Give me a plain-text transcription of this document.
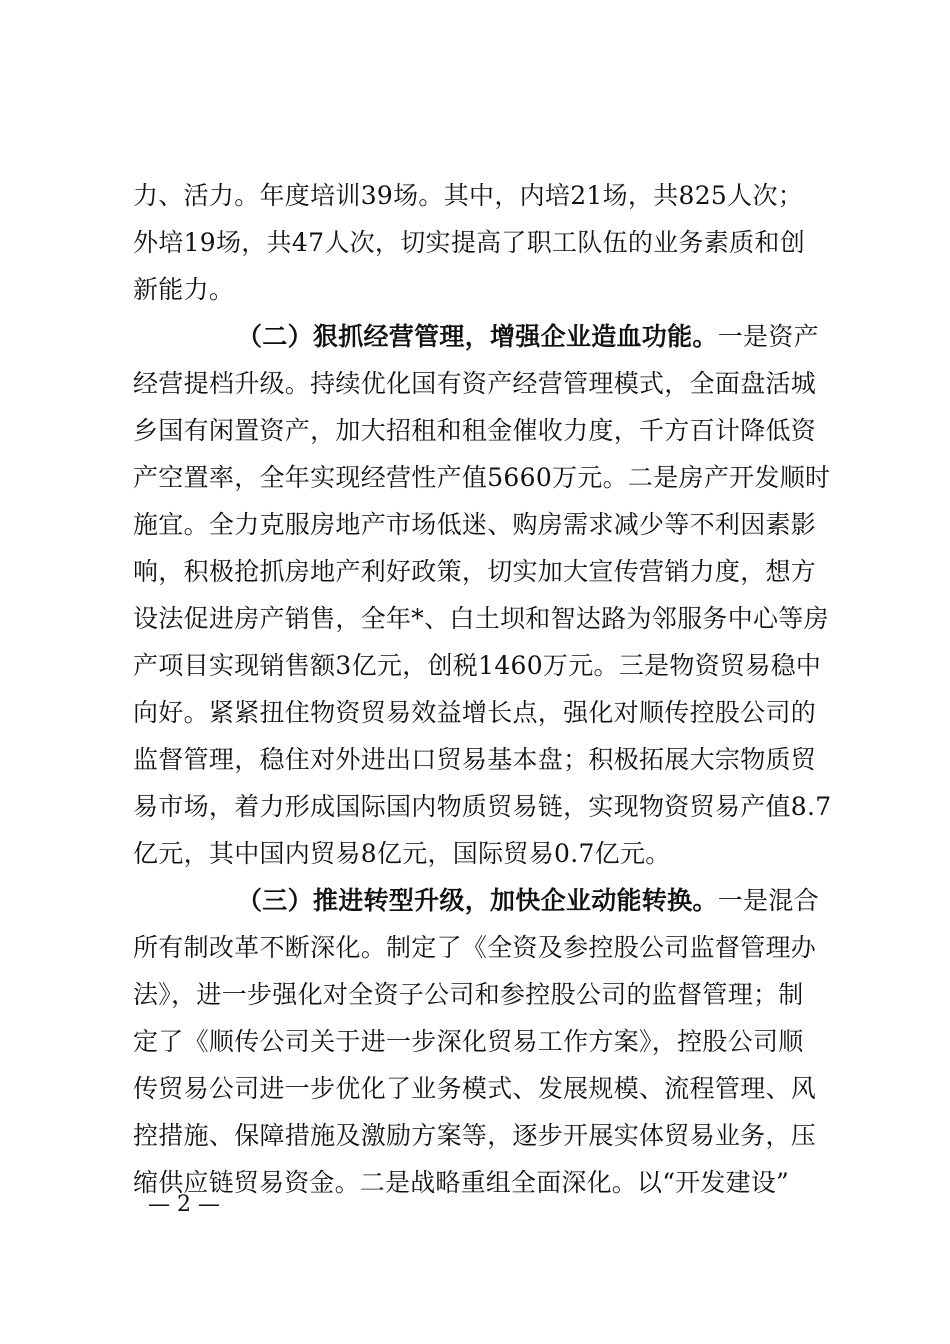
力、活力。年度培训39场。其中，内培21场，共825人次；
外培19场，共47人次，切实提高了职工队伍的业务素质和创
新能力。
（二）狠抓经营管理，增强企业造血功能。一是资产
经营提档升级。持续优化国有资产经营管理模式，全面盘活城
乡国有闲置资产，加大招租和租金催收力度，千方百计降低资
产空置率，全年实现经营性产值5660万元。二是房产开发顺时
施宜。全力克服房地产市场低迷、购房需求减少等不利因素影
响，积极抢抓房地产利好政策，切实加大宣传营销力度，想方
设法促进房产销售，全年*、白土坝和智达路为邻服务中心等房
产项目实现销售额3亿元，创税1460万元。三是物资贸易稳中
向好。紧紧扭住物资贸易效益增长点，强化对顺传控股公司的
监督管理，稳住对外进出口贸易基本盘；积极拓展大宗物质贸
易市场，着力形成国际国内物质贸易链，实现物资贸易产值8.7
亿元，其中国内贸易8亿元，国际贸易0.7亿元。
（三）推进转型升级，加快企业动能转换。一是混合
所有制改革不断深化。制定了《全资及参控股公司监督管理办
法》，进一步强化对全资子公司和参控股公司的监督管理；制
定了《顺传公司关于进一步深化贸易工作方案》，控股公司顺
传贸易公司进一步优化了业务模式、发展规模、流程管理、风
控措施、保障措施及激励方案等，逐步开展实体贸易业务，压
缩供应链贸易资金。二是战略重组全面深化。以“开发建设”
— 2 —
